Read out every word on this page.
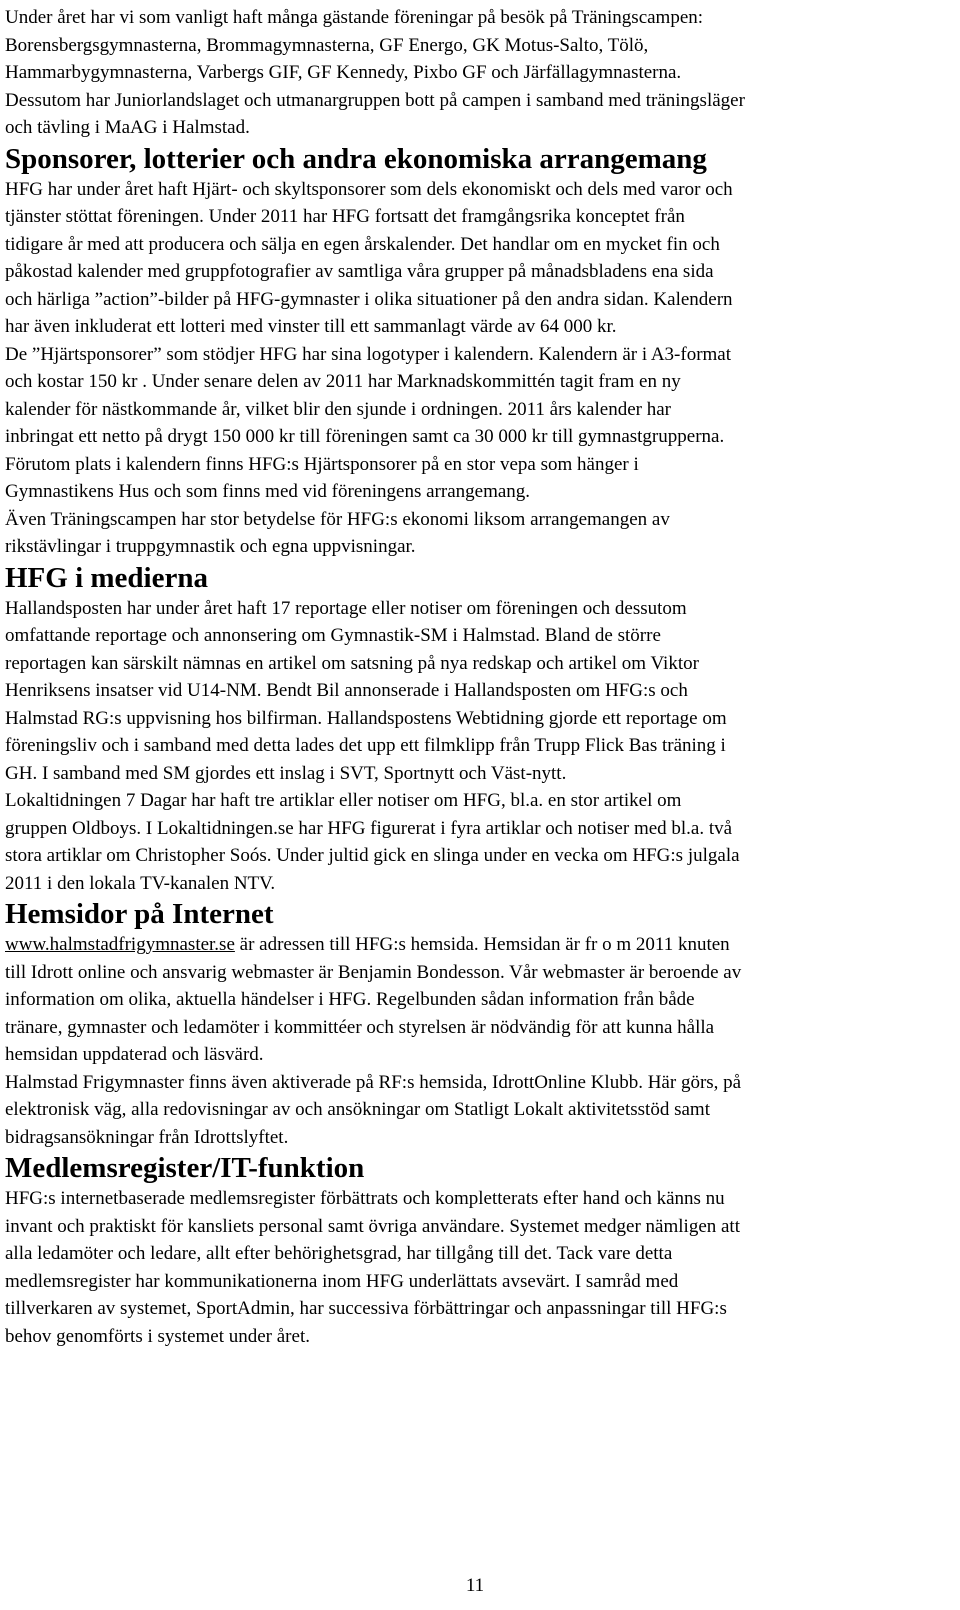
Under året har vi som vanligt haft många gästande föreningar på besök på Träningscampen:
Borensbergsgymnasterna, Brommagymnasterna, GF Energo, GK Motus-Salto, Tölö,
Hammarbygymnasterna, Varbergs GIF, GF Kennedy, Pixbo GF och Järfällagymnasterna.
Dessutom har Juniorlandslaget och utmanargruppen bott på campen i samband med träningsläger
och tävling i MaAG i Halmstad.

Sponsorer, lotterier och andra ekonomiska arrangemang

HFG har under året haft Hjärt- och skyltsponsorer som dels ekonomiskt och dels med varor och
tjänster stöttat föreningen. Under 2011 har HFG fortsatt det framgångsrika konceptet från
tidigare år med att producera och sälja en egen årskalender. Det handlar om en mycket fin och
påkostad kalender med gruppfotografier av samtliga våra grupper på månadsbladens ena sida
och härliga ”action”-bilder på HFG-gymnaster i olika situationer på den andra sidan. Kalendern
har även inkluderat ett lotteri med vinster till ett sammanlagt värde av 64 000 kr.
De ”Hjärtsponsorer” som stödjer HFG har sina logotyper i kalendern. Kalendern är i A3-format
och kostar 150 kr . Under senare delen av 2011 har Marknadskommittén tagit fram en ny
kalender för nästkommande år, vilket blir den sjunde i ordningen. 2011 års kalender har
inbringat ett netto på drygt 150 000 kr till föreningen samt ca 30 000 kr till gymnastgrupperna.
Förutom plats i kalendern finns HFG:s Hjärtsponsorer på en stor vepa som hänger i
Gymnastikens Hus och som finns med vid föreningens arrangemang.
Även Träningscampen har stor betydelse för HFG:s ekonomi liksom arrangemangen av
rikstävlingar i truppgymnastik och egna uppvisningar.

HFG i medierna

Hallandsposten har under året haft 17 reportage eller notiser om föreningen och dessutom
omfattande reportage och annonsering om Gymnastik-SM i Halmstad. Bland de större
reportagen kan särskilt nämnas en artikel om satsning på nya redskap och artikel om Viktor
Henriksens insatser vid U14-NM. Bendt Bil annonserade i Hallandsposten om HFG:s och
Halmstad RG:s uppvisning hos bilfirman. Hallandspostens Webtidning gjorde ett reportage om
föreningsliv och i samband med detta lades det upp ett filmklipp från Trupp Flick Bas träning i
GH. I samband med SM gjordes ett inslag i SVT, Sportnytt och Väst-nytt.
Lokaltidningen 7 Dagar har haft tre artiklar eller notiser om HFG, bl.a. en stor artikel om
gruppen Oldboys. I Lokaltidningen.se har HFG figurerat i fyra artiklar och notiser med bl.a. två
stora artiklar om Christopher Soós. Under jultid gick en slinga under en vecka om HFG:s julgala
2011 i den lokala TV-kanalen NTV.

Hemsidor på Internet

www.halmstadfrigymnaster.se är adressen till HFG:s hemsida. Hemsidan är fr o m 2011 knuten
till Idrott online och ansvarig webmaster är Benjamin Bondesson. Vår webmaster är beroende av
information om olika, aktuella händelser i HFG. Regelbunden sådan information från både
tränare, gymnaster och ledamöter i kommittéer och styrelsen är nödvändig för att kunna hålla
hemsidan uppdaterad och läsvärd.
Halmstad Frigymnaster finns även aktiverade på RF:s hemsida, IdrottOnline Klubb. Här görs, på
elektronisk väg, alla redovisningar av och ansökningar om Statligt Lokalt aktivitetsstöd samt
bidragsansökningar från Idrottslyftet.

Medlemsregister/IT-funktion

HFG:s internetbaserade medlemsregister förbättrats och kompletterats efter hand och känns nu
invant och praktiskt för kansliets personal samt övriga användare. Systemet medger nämligen att
alla ledamöter och ledare, allt efter behörighetsgrad, har tillgång till det. Tack vare detta
medlemsregister har kommunikationerna inom HFG underlättats avsevärt. I samråd med
tillverkaren av systemet, SportAdmin, har successiva förbättringar och anpassningar till HFG:s
behov genomförts i systemet under året.

11
